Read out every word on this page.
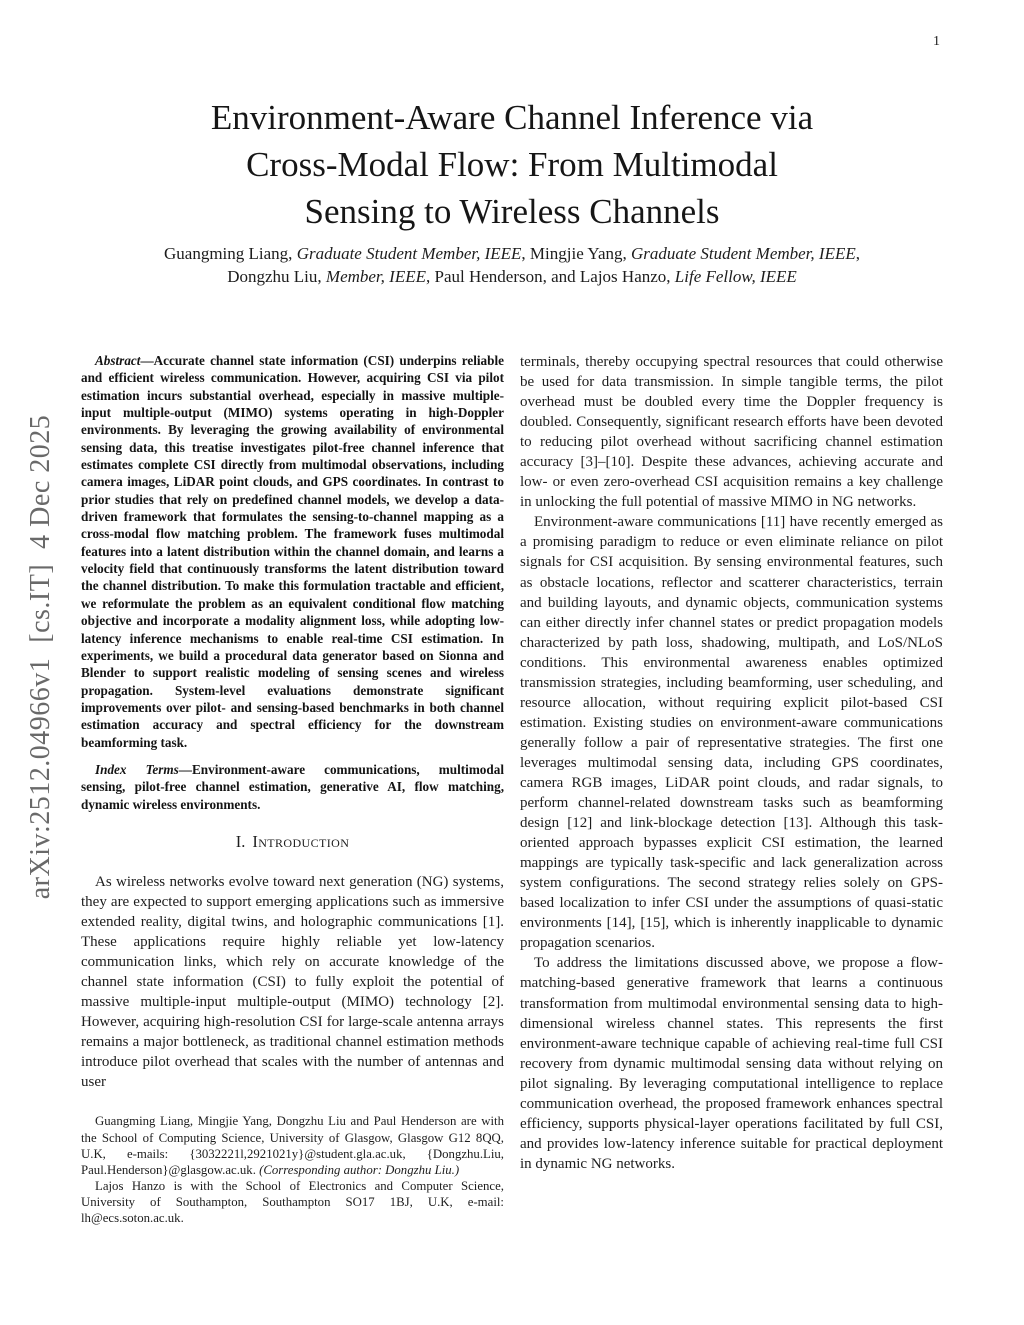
1
arXiv:2512.04966v1  [cs.IT]  4 Dec 2025
Environment-Aware Channel Inference via
Cross-Modal Flow: From Multimodal
Sensing to Wireless Channels
Guangming Liang, Graduate Student Member, IEEE, Mingjie Yang, Graduate Student Member, IEEE,
Dongzhu Liu, Member, IEEE, Paul Henderson, and Lajos Hanzo, Life Fellow, IEEE

Abstract—Accurate channel state information (CSI) underpins reliable and efficient wireless communication. However, acquiring CSI via pilot estimation incurs substantial overhead, especially in massive multiple-input multiple-output (MIMO) systems operating in high-Doppler environments. By leveraging the growing availability of environmental sensing data, this treatise investigates pilot-free channel inference that estimates complete CSI directly from multimodal observations, including camera images, LiDAR point clouds, and GPS coordinates. In contrast to prior studies that rely on predefined channel models, we develop a data-driven framework that formulates the sensing-to-channel mapping as a cross-modal flow matching problem. The framework fuses multimodal features into a latent distribution within the channel domain, and learns a velocity field that continuously transforms the latent distribution toward the channel distribution. To make this formulation tractable and efficient, we reformulate the problem as an equivalent conditional flow matching objective and incorporate a modality alignment loss, while adopting low-latency inference mechanisms to enable real-time CSI estimation. In experiments, we build a procedural data generator based on Sionna and Blender to support realistic modeling of sensing scenes and wireless propagation. System-level evaluations demonstrate significant improvements over pilot- and sensing-based benchmarks in both channel estimation accuracy and spectral efficiency for the downstream beamforming task.

Index Terms—Environment-aware communications, multimodal sensing, pilot-free channel estimation, generative AI, flow matching, dynamic wireless environments.

I. Introduction

As wireless networks evolve toward next generation (NG) systems, they are expected to support emerging applications such as immersive extended reality, digital twins, and holographic communications [1]. These applications require highly reliable yet low-latency communication links, which rely on accurate knowledge of the channel state information (CSI) to fully exploit the potential of massive multiple-input multiple-output (MIMO) technology [2]. However, acquiring high-resolution CSI for large-scale antenna arrays remains a major bottleneck, as traditional channel estimation methods introduce pilot overhead that scales with the number of antennas and user

Guangming Liang, Mingjie Yang, Dongzhu Liu and Paul Henderson are with the School of Computing Science, University of Glasgow, Glasgow G12 8QQ, U.K, e-mails: {3032221l,2921021y}@student.gla.ac.uk, {Dongzhu.Liu, Paul.Henderson}@glasgow.ac.uk. (Corresponding author: Dongzhu Liu.)

Lajos Hanzo is with the School of Electronics and Computer Science, University of Southampton, Southampton SO17 1BJ, U.K, e-mail: lh@ecs.soton.ac.uk.

terminals, thereby occupying spectral resources that could otherwise be used for data transmission. In simple tangible terms, the pilot overhead must be doubled every time the Doppler frequency is doubled. Consequently, significant research efforts have been devoted to reducing pilot overhead without sacrificing channel estimation accuracy [3]–[10]. Despite these advances, achieving accurate and low- or even zero-overhead CSI acquisition remains a key challenge in unlocking the full potential of massive MIMO in NG networks.

Environment-aware communications [11] have recently emerged as a promising paradigm to reduce or even eliminate reliance on pilot signals for CSI acquisition. By sensing environmental features, such as obstacle locations, reflector and scatterer characteristics, terrain and building layouts, and dynamic objects, communication systems can either directly infer channel states or predict propagation models characterized by path loss, shadowing, multipath, and LoS/NLoS conditions. This environmental awareness enables optimized transmission strategies, including beamforming, user scheduling, and resource allocation, without requiring explicit pilot-based CSI estimation. Existing studies on environment-aware communications generally follow a pair of representative strategies. The first one leverages multimodal sensing data, including GPS coordinates, camera RGB images, LiDAR point clouds, and radar signals, to perform channel-related downstream tasks such as beamforming design [12] and link-blockage detection [13]. Although this task-oriented approach bypasses explicit CSI estimation, the learned mappings are typically task-specific and lack generalization across system configurations. The second strategy relies solely on GPS-based localization to infer CSI under the assumptions of quasi-static environments [14], [15], which is inherently inapplicable to dynamic propagation scenarios.

To address the limitations discussed above, we propose a flow-matching-based generative framework that learns a continuous transformation from multimodal environmental sensing data to high-dimensional wireless channel states. This represents the first environment-aware technique capable of achieving real-time full CSI recovery from dynamic multimodal sensing data without relying on pilot signaling. By leveraging computational intelligence to replace communication overhead, the proposed framework enhances spectral efficiency, supports physical-layer operations facilitated by full CSI, and provides low-latency inference suitable for practical deployment in dynamic NG networks.
